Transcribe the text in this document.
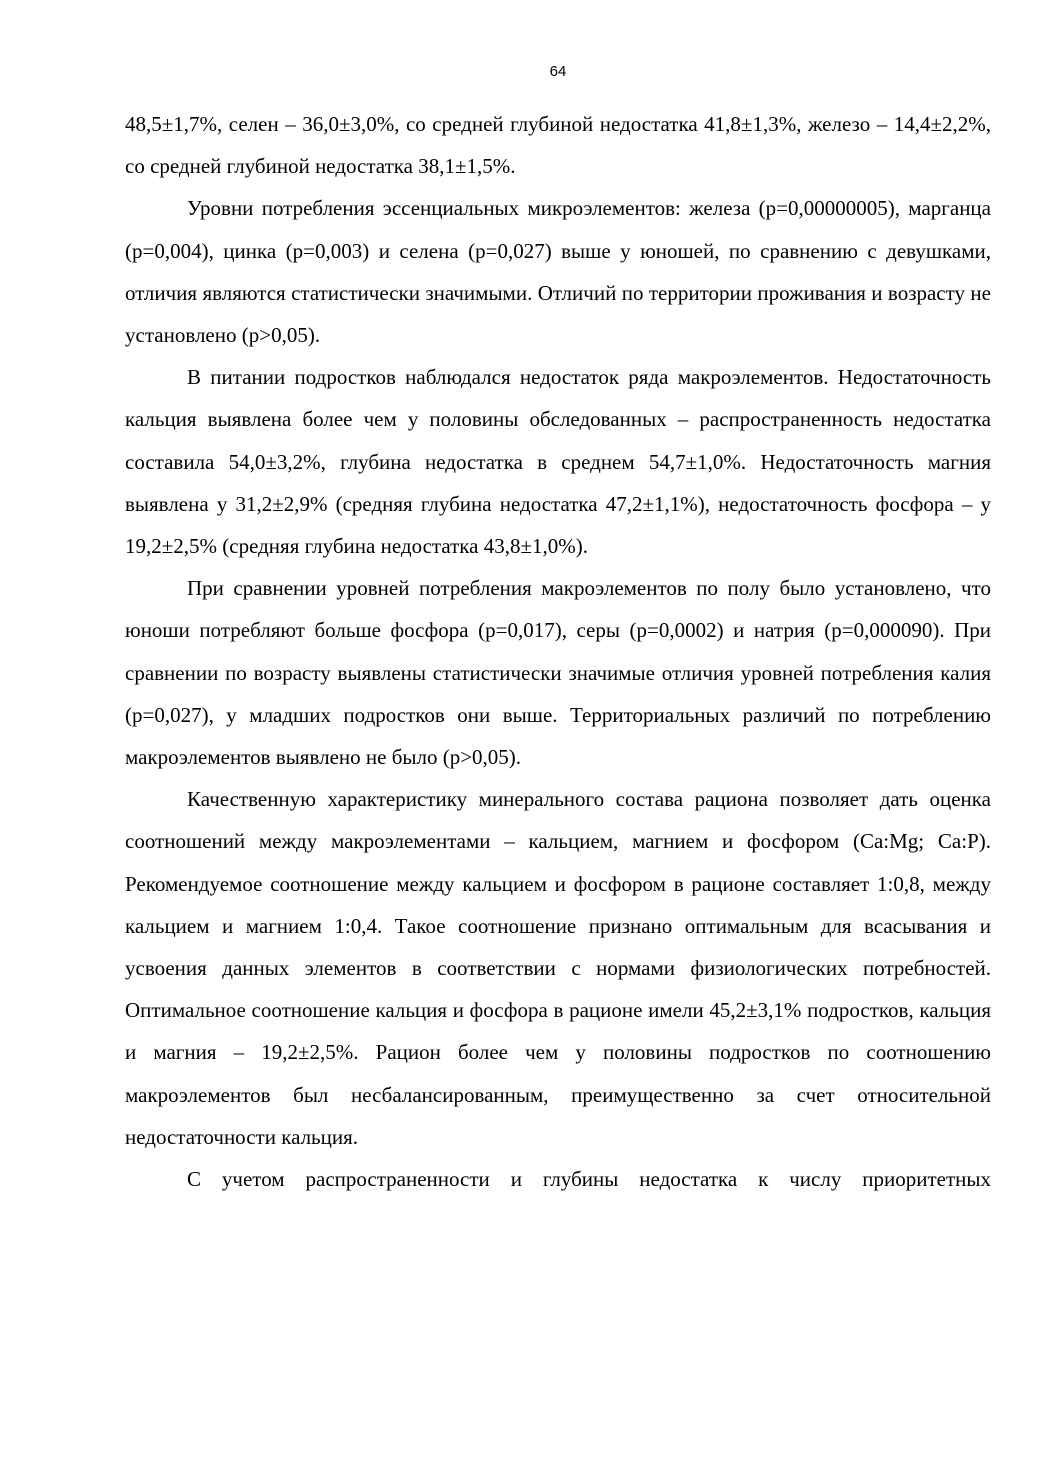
64

48,5±1,7%, селен – 36,0±3,0%, со средней глубиной недостатка 41,8±1,3%, железо – 14,4±2,2%, со средней глубиной недостатка 38,1±1,5%.

Уровни потребления эссенциальных микроэлементов: железа (р=0,00000005), марганца (р=0,004), цинка (р=0,003) и селена (р=0,027) выше у юношей, по сравнению с девушками, отличия являются статистически значимыми. Отличий по территории проживания и возрасту не установлено (р>0,05).

В питании подростков наблюдался недостаток ряда макроэлементов. Недостаточность кальция выявлена более чем у половины обследованных – распространенность недостатка составила 54,0±3,2%, глубина недостатка в среднем 54,7±1,0%. Недостаточность магния выявлена у 31,2±2,9% (средняя глубина недостатка 47,2±1,1%), недостаточность фосфора – у 19,2±2,5% (средняя глубина недостатка 43,8±1,0%).

При сравнении уровней потребления макроэлементов по полу было установлено, что юноши потребляют больше фосфора (р=0,017), серы (р=0,0002) и натрия (р=0,000090). При сравнении по возрасту выявлены статистически значимые отличия уровней потребления калия (р=0,027), у младших подростков они выше. Территориальных различий по потреблению макроэлементов выявлено не было (р>0,05).

Качественную характеристику минерального состава рациона позволяет дать оценка соотношений между макроэлементами – кальцием, магнием и фосфором (Ca:Mg; Ca:P). Рекомендуемое соотношение между кальцием и фосфором в рационе составляет 1:0,8, между кальцием и магнием 1:0,4. Такое соотношение признано оптимальным для всасывания и усвоения данных элементов в соответствии с нормами физиологических потребностей. Оптимальное соотношение кальция и фосфора в рационе имели 45,2±3,1% подростков, кальция и магния – 19,2±2,5%. Рацион более чем у половины подростков по соотношению макроэлементов был несбалансированным, преимущественно за счет относительной недостаточности кальция.

С учетом распространенности и глубины недостатка к числу приоритетных
